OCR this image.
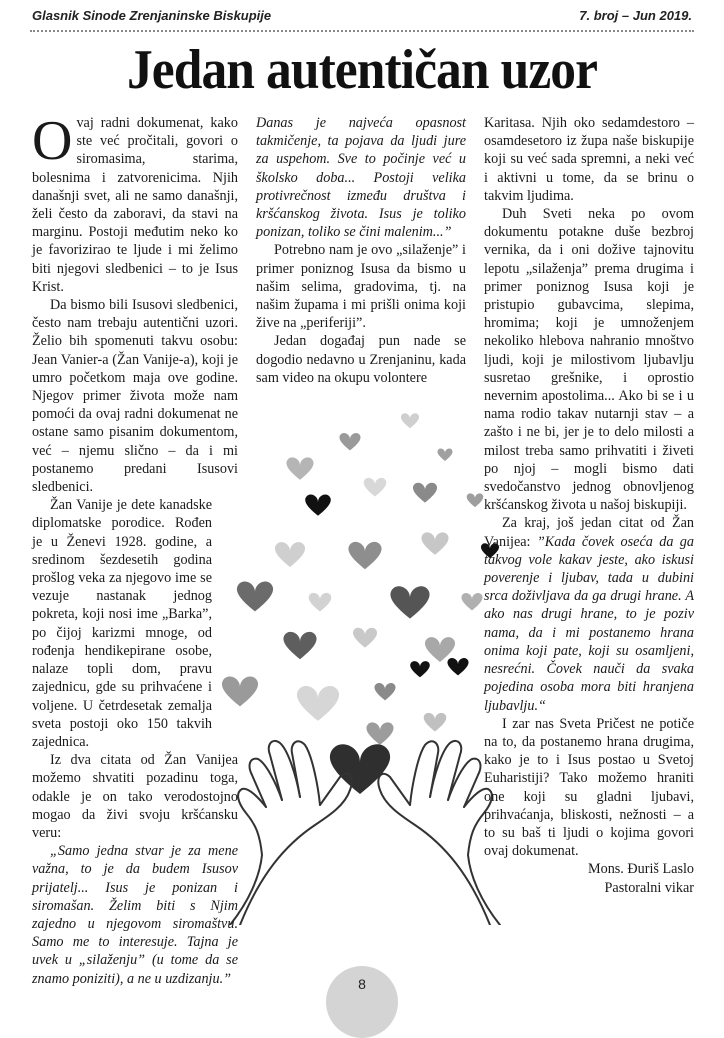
Glasnik Sinode Zrenjaninske Biskupije	7. broj – Jun 2019.
Jedan autentičan uzor

Ovaj radni dokumenat, kako ste već pročitali, govori o siromasima, starima, bolesnima i zatvorenicima. Njih današnji svet, ali ne samo današnji, želi često da zaboravi, da stavi na marginu. Postoji međutim neko ko je favorizirao te ljude i mi želimo biti njegovi sledbenici – to je Isus Krist.

Da bismo bili Isusovi sledbenici, često nam trebaju autentični uzori. Želio bih spomenuti takvu osobu: Jean Vanier-a (Žan Vanije-a), koji je umro početkom maja ove godine. Njegov primer života može nam pomoći da ovaj radni dokumenat ne ostane samo pisanim dokumentom, već – njemu slično – da i mi postanemo predani Isusovi sledbenici.

Žan Vanije je dete kanadske diplomatske porodice. Rođen je u Ženevi 1928. godine, a sredinom šezdesetih godina prošlog veka za njegovo ime se vezuje nastanak jednog pokreta, koji nosi ime „Barka”, po čijoj karizmi mnoge, od rođenja hendikepirane osobe, nalaze topli dom, pravu zajednicu, gde su prihvaćene i voljene. U četrdesetak zemalja sveta postoji oko 150 takvih zajednica.

Iz dva citata od Žan Vanijea možemo shvatiti pozadinu toga, odakle je on tako verodostojno mogao da živi svoju kršćansku veru:

„Samo jedna stvar je za mene važna, to je da budem Isusov prijatelj... Isus je ponizan i siromašan. Želim biti s Njim zajedno u njegovom siromaštvu. Samo me to interesuje. Tajna je uvek u „silaženju” (u tome da se znamo poniziti), a ne u uzdizanju.”

Danas je najveća opasnost takmičenje, ta pojava da ljudi jure za uspehom. Sve to počinje već u školsko doba... Postoji velika protivrečnost između društva i kršćanskog života. Isus je toliko ponizan, toliko se čini malenim...”

Potrebno nam je ovo „silaženje” i primer poniznog Isusa da bismo u našim selima, gradovima, tj. na našim župama i mi prišli onima koji žive na „periferiji”.

Jedan događaj pun nade se dogodio nedavno u Zrenjaninu, kada sam video na okupu volontere

Karitasa. Njih oko sedamdestoro – osamdesetoro iz župa naše biskupije koji su već sada spremni, a neki već i aktivni u tome, da se brinu o takvim ljudima.

Duh Sveti neka po ovom dokumentu potakne duše bezbroj vernika, da i oni dožive tajnovitu lepotu „silaženja” prema drugima i primer poniznog Isusa koji je pristupio gubavcima, slepima, hromima; koji je umnoženjem nekoliko hlebova nahranio mnoštvo ljudi, koji je milostivom ljubavlju susretao grešnike, i oprostio nevernim apostolima... Ako bi se i u nama rodio takav nutarnji stav – a zašto i ne bi, jer je to delo milosti a milost treba samo prihvatiti i živeti po njoj – mogli bismo dati svedočanstvo jednog obnovljenog kršćanskog života u našoj biskupiji.

Za kraj, još jedan citat od Žan Vanijea: ”Kada čovek oseća da ga takvog vole kakav jeste, ako iskusi poverenje i ljubav, tada u dubini srca doživljava da ga drugi hrane. A ako nas drugi hrane, to je poziv nama, da i mi postanemo hrana onima koji pate, koji su osamljeni, nesrećni. Čovek nauči da svaka pojedina osoba mora biti hranjena ljubavlju.“

I zar nas Sveta Pričest ne potiče na to, da postanemo hrana drugima, kako je to i Isus postao u Svetoj Euharistiji? Tako možemo hraniti one koji su gladni ljubavi, prihvaćanja, bliskosti, nežnosti – a to su baš ti ljudi o kojima govori ovaj dokumenat.

Mons. Đuriš Laslo

Pastoralni vikar

8
